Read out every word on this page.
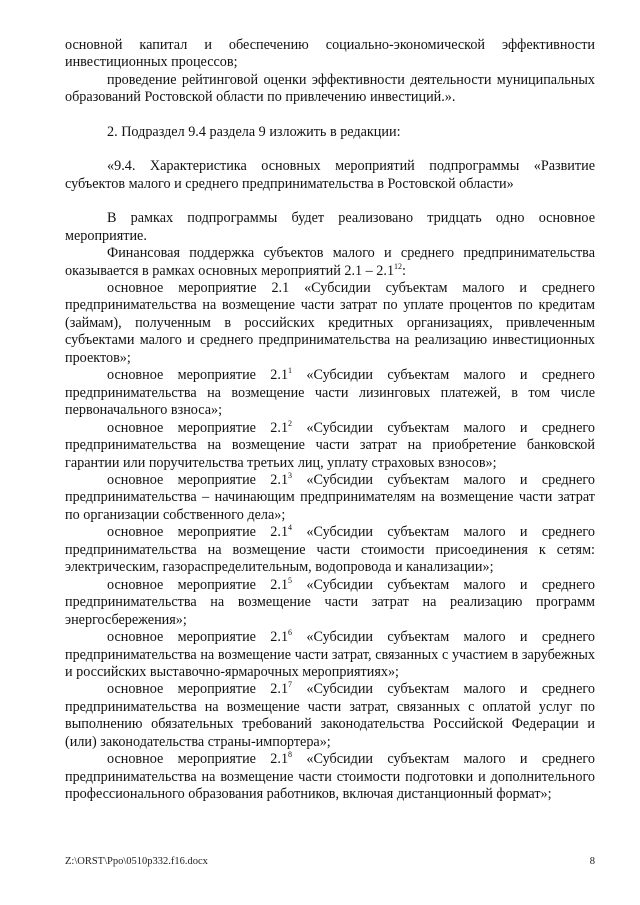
основной капитал и обеспечению социально-экономической эффективности инвестиционных процессов;

проведение рейтинговой оценки эффективности деятельности муниципальных образований Ростовской области по привлечению инвестиций.».

2. Подраздел 9.4 раздела 9 изложить в редакции:

«9.4. Характеристика основных мероприятий подпрограммы «Развитие субъектов малого и среднего предпринимательства в Ростовской области»

В рамках подпрограммы будет реализовано тридцать одно основное мероприятие.

Финансовая поддержка субъектов малого и среднего предпринимательства оказывается в рамках основных мероприятий $2.1 - 2.1^{12}$:

основное мероприятие 2.1 «Субсидии субъектам малого и среднего предпринимательства на возмещение части затрат по уплате процентов по кредитам (займам), полученным в российских кредитных организациях, привлеченным субъектами малого и среднего предпринимательства на реализацию инвестиционных проектов»;

основное мероприятие $2.1^1$ «Субсидии субъектам малого и среднего предпринимательства на возмещение части лизинговых платежей, в том числе первоначального взноса»;

основное мероприятие $2.1^2$ «Субсидии субъектам малого и среднего предпринимательства на возмещение части затрат на приобретение банковской гарантии или поручительства третьих лиц, уплату страховых взносов»;

основное мероприятие $2.1^3$ «Субсидии субъектам малого и среднего предпринимательства – начинающим предпринимателям на возмещение части затрат по организации собственного дела»;

основное мероприятие $2.1^4$ «Субсидии субъектам малого и среднего предпринимательства на возмещение части стоимости присоединения к сетям: электрическим, газораспределительным, водопровода и канализации»;

основное мероприятие $2.1^5$ «Субсидии субъектам малого и среднего предпринимательства на возмещение части затрат на реализацию программ энергосбережения»;

основное мероприятие $2.1^6$ «Субсидии субъектам малого и среднего предпринимательства на возмещение части затрат, связанных с участием в зарубежных и российских выставочно-ярмарочных мероприятиях»;

основное мероприятие $2.1^7$ «Субсидии субъектам малого и среднего предпринимательства на возмещение части затрат, связанных с оплатой услуг по выполнению обязательных требований законодательства Российской Федерации и (или) законодательства страны-импортера»;

основное мероприятие $2.1^8$ «Субсидии субъектам малого и среднего предпринимательства на возмещение части стоимости подготовки и дополнительного профессионального образования работников, включая дистанционный формат»;

Z:\ORST\Ppo\0510p332.f16.docx	8
